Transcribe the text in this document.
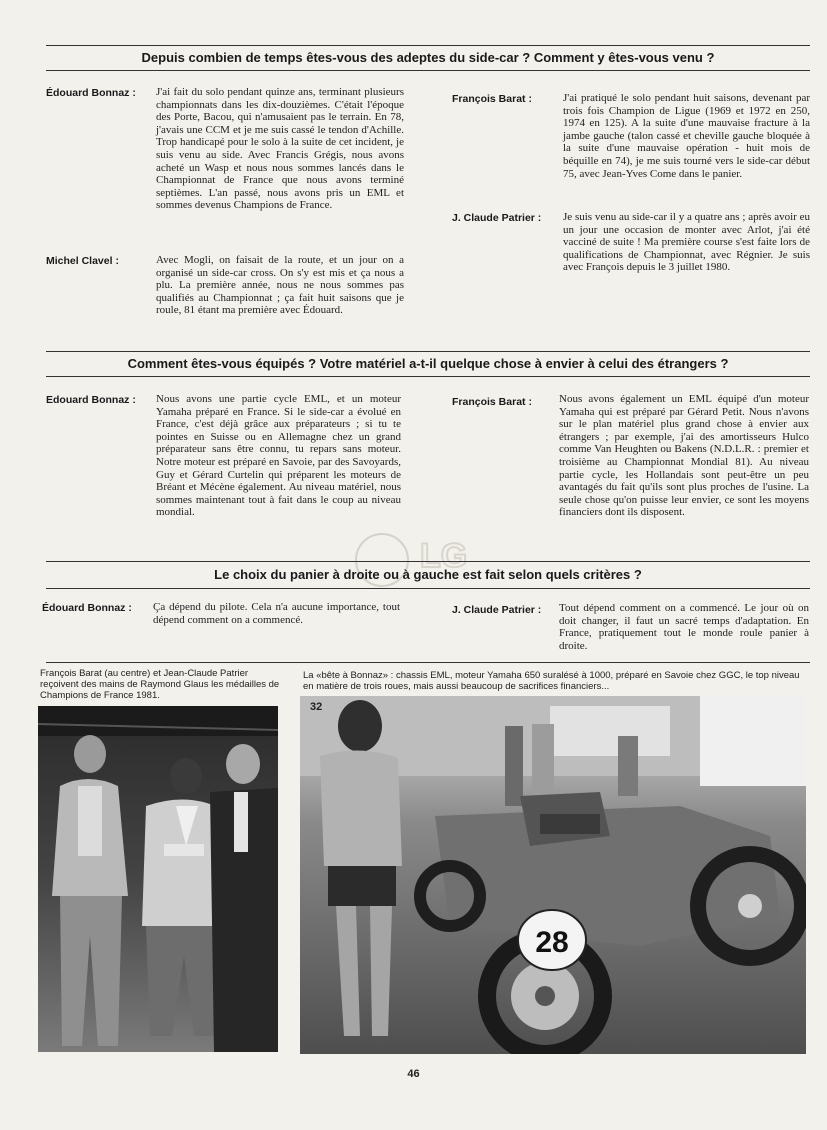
Depuis combien de temps êtes-vous des adeptes du side-car ? Comment y êtes-vous venu ?
Édouard Bonnaz : J'ai fait du solo pendant quinze ans, terminant plusieurs championnats dans les dix-douzièmes. C'était l'époque des Porte, Bacou, qui n'amusaient pas le terrain. En 78, j'avais une CCM et je me suis cassé le tendon d'Achille. Trop handicapé pour le solo à la suite de cet incident, je suis venu au side. Avec Francis Grégis, nous avons acheté un Wasp et nous nous sommes lancés dans le Championnat de France que nous avons terminé septièmes. L'an passé, nous avons pris un EML et sommes devenus Champions de France.
Michel Clavel :	Avec Mogli, on faisait de la route, et un jour on a organisé un side-car cross. On s'y est mis et ça nous a plu. La première année, nous ne nous sommes pas qualifiés au Championnat ; ça fait huit saisons que je roule, 81 étant ma première avec Édouard.
François Barat :	J'ai pratiqué le solo pendant huit saisons, devenant par trois fois Champion de Ligue (1969 et 1972 en 250, 1974 en 125). A la suite d'une mauvaise fracture à la jambe gauche (talon cassé et cheville gauche bloquée à la suite d'une mauvaise opération - huit mois de béquille en 74), je me suis tourné vers le side-car début 75, avec Jean-Yves Come dans le panier.
J. Claude Patrier : Je suis venu au side-car il y a quatre ans ; après avoir eu un jour une occasion de monter avec Arlot, j'ai été vacciné de suite ! Ma première course s'est faite lors de qualifications de Championnat, avec Régnier. Je suis avec François depuis le 3 juillet 1980.
Comment êtes-vous équipés ? Votre matériel a-t-il quelque chose à envier à celui des étrangers ?
Edouard Bonnaz : Nous avons une partie cycle EML, et un moteur Yamaha préparé en France. Si le side-car a évolué en France, c'est déjà grâce aux préparateurs ; si tu te pointes en Suisse ou en Allemagne chez un grand préparateur sans être connu, tu repars sans moteur. Notre moteur est préparé en Savoie, par des Savoyards, Guy et Gérard Curtelin qui préparent les moteurs de Bréant et Mécène également. Au niveau matériel, nous sommes maintenant tout à fait dans le coup au niveau mondial.
François Barat : Nous avons également un EML équipé d'un moteur Yamaha qui est préparé par Gérard Petit. Nous n'avons sur le plan matériel plus grand chose à envier aux étrangers ; par exemple, j'ai des amortisseurs Hulco comme Van Heughten ou Bakens (N.D.L.R. : premier et troisième au Championnat Mondial 81). Au niveau partie cycle, les Hollandais sont peut-être un peu avantagés du fait qu'ils sont plus proches de l'usine. La seule chose qu'on puisse leur envier, ce sont les moyens financiers dont ils disposent.
LG
Le choix du panier à droite ou à gauche est fait selon quels critères ?
Édouard Bonnaz : Ça dépend du pilote. Cela n'a aucune importance, tout dépend comment on a commencé.
J. Claude Patrier : Tout dépend comment on a commencé. Le jour où on doit changer, il faut un sacré temps d'adaptation. En France, pratiquement tout le monde roule panier à droite.
François Barat (au centre) et Jean-Claude Patrier reçoivent des mains de Raymond Glaus les médailles de Champions de France 1981.
La «bête à Bonnaz» : chassis EML, moteur Yamaha 650 suralésé à 1000, préparé en Savoie chez GGC, le top niveau en matière de trois roues, mais aussi beaucoup de sacrifices financiers...
28
32
46
